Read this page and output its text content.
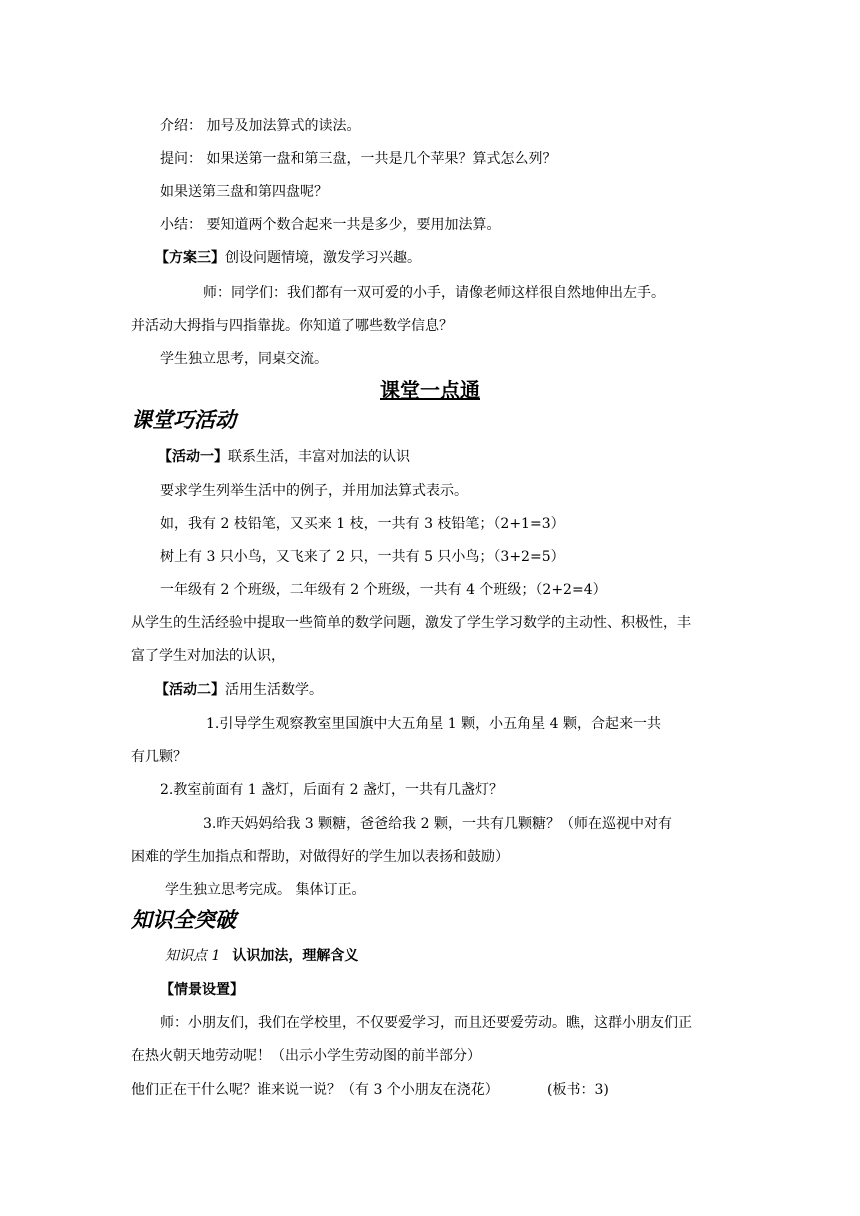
介绍： 加号及加法算式的读法。
提问： 如果送第一盘和第三盘，一共是几个苹果？算式怎么列？
如果送第三盘和第四盘呢？
小结： 要知道两个数合起来一共是多少，要用加法算。
【方案三】创设问题情境，激发学习兴趣。
师：同学们：我们都有一双可爱的小手，请像老师这样很自然地伸出左手。
并活动大拇指与四指靠拢。你知道了哪些数学信息？
学生独立思考，同桌交流。
课堂一点通
课堂巧活动
【活动一】联系生活，丰富对加法的认识
要求学生列举生活中的例子，并用加法算式表示。
如，我有 2 枝铅笔，又买来 1 枝，一共有 3 枝铅笔；（2+1=3）
树上有 3 只小鸟，又飞来了 2 只，一共有 5 只小鸟；（3+2=5）
一年级有 2 个班级，二年级有 2 个班级，一共有 4 个班级；（2+2=4）
从学生的生活经验中提取一些简单的数学问题，激发了学生学习数学的主动性、积极性，丰
富了学生对加法的认识，
【活动二】活用生活数学。
1.引导学生观察教室里国旗中大五角星 1 颗，小五角星 4 颗，合起来一共
有几颗？
2.教室前面有 1 盏灯，后面有 2 盏灯，一共有几盏灯？
3.昨天妈妈给我 3 颗糖，爸爸给我 2 颗，一共有几颗糖？（师在巡视中对有
困难的学生加指点和帮助，对做得好的学生加以表扬和鼓励）
学生独立思考完成。 集体订正。
知识全突破
知识点 1 认识加法，理解含义
【情景设置】
师：小朋友们，我们在学校里，不仅要爱学习，而且还要爱劳动。瞧，这群小朋友们正
在热火朝天地劳动呢！（出示小学生劳动图的前半部分）
他们正在干什么呢？谁来说一说？（有 3 个小朋友在浇花）	(板书：3)
